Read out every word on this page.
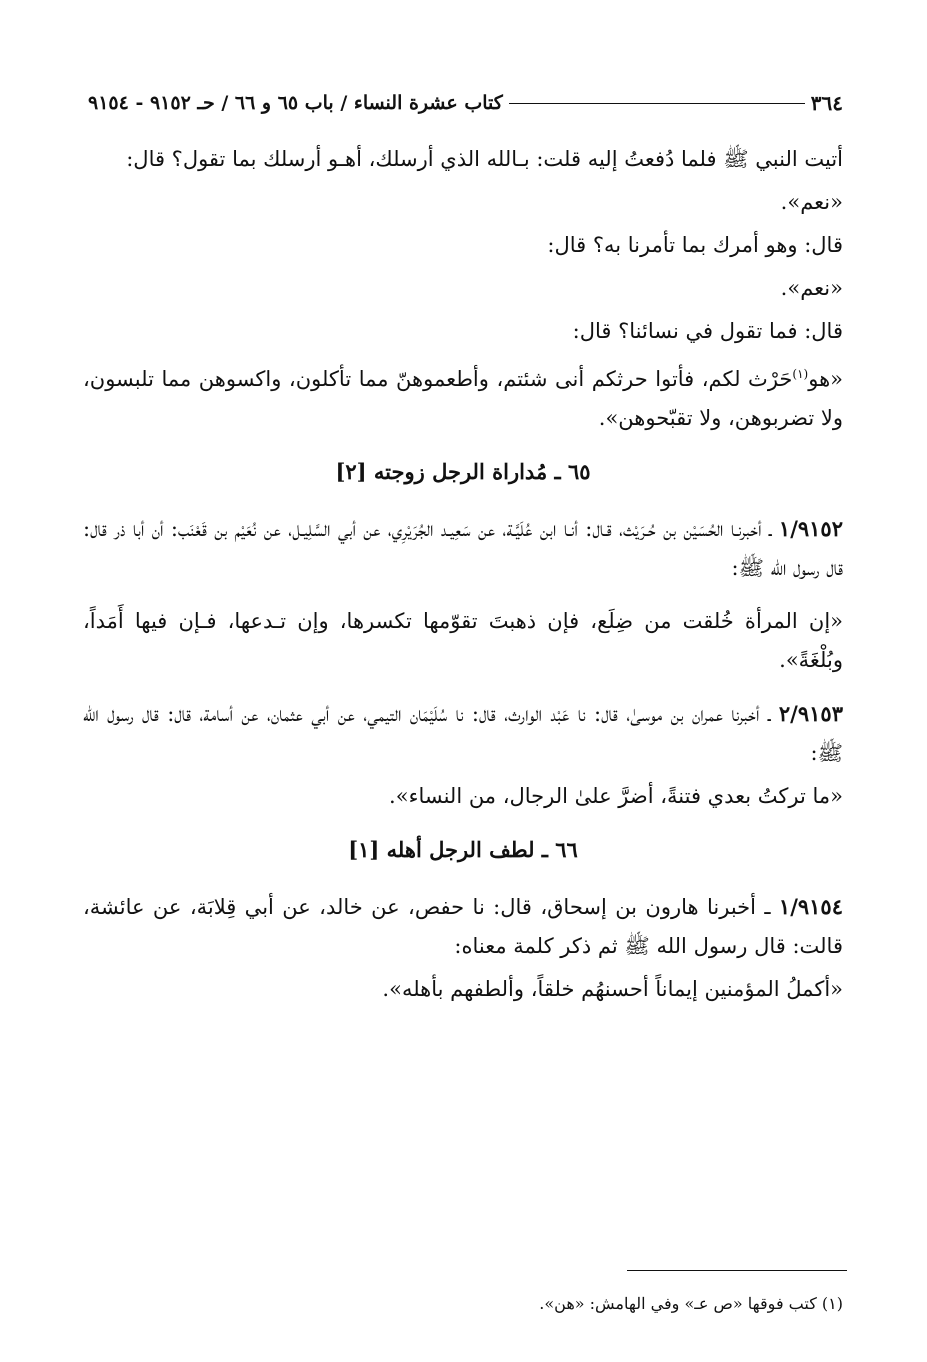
٣٦٤
كتاب عشرة النساء / باب ٦٥ و ٦٦ / حـ ٩١٥٢ - ٩١٥٤

أتيت النبي ﷺ فلما دُفعتُ إليه قلت: بـالله الذي أرسلك، أهـو أرسلك بما تقول؟ قال:

«نعم».

قال: وهو أمرك بما تأمرنا به؟ قال:

«نعم».

قال: فما تقول في نسائنا؟ قال:

«هو$^{(١)}$حَرْث لكم، فأتوا حرثكم أنى شئتم، وأطعموهنّ مما تأكلون، واكسوهن مما تلبسون، ولا تضربوهن، ولا تقبّحوهن».

٦٥ ـ مُداراة الرجل زوجته [٢]

١/٩١٥٢ ـ أخبرنـا الحُسَيْن بن حُـرَيْث، قـال: أنـا ابن عُلَيَّـة، عن سَعِيـد الجُرَيْرِي، عن أبي السَّلِيـل، عن نُعَيْم بن قَعْنَب: أن أبا ذر قال: قال رسول الله ﷺ:

«إن المرأة خُلقت من ضِلَع، فإن ذهبتَ تقوّمها تكسرها، وإن تـدعها، فـإن فيها أَمَداً، وبُلْغَةً».

٢/٩١٥٣ ـ أخبرنا عمران بن موسىٰ، قال: نا عَبْد الوارث، قال: نا سُلَيْمَان التيمي، عن أبي عثمان، عن أسامة، قال: قال رسول الله ﷺ:

«ما تركتُ بعدي فتنةً، أضرَّ علىٰ الرجال، من النساء».

٦٦ ـ لطف الرجل أهله [١]

١/٩١٥٤ ـ أخبرنا هارون بن إسحاق، قال: نا حفص، عن خالد، عن أبي قِلابَة، عن عائشة، قالت: قال رسول الله ﷺ ثم ذكر كلمة معناه:

«أكملُ المؤمنين إيماناً أحسنهُم خلقاً، وألطفهم بأهله».

(١) كتب فوقها «ص عـ» وفي الهامش: «هن».
